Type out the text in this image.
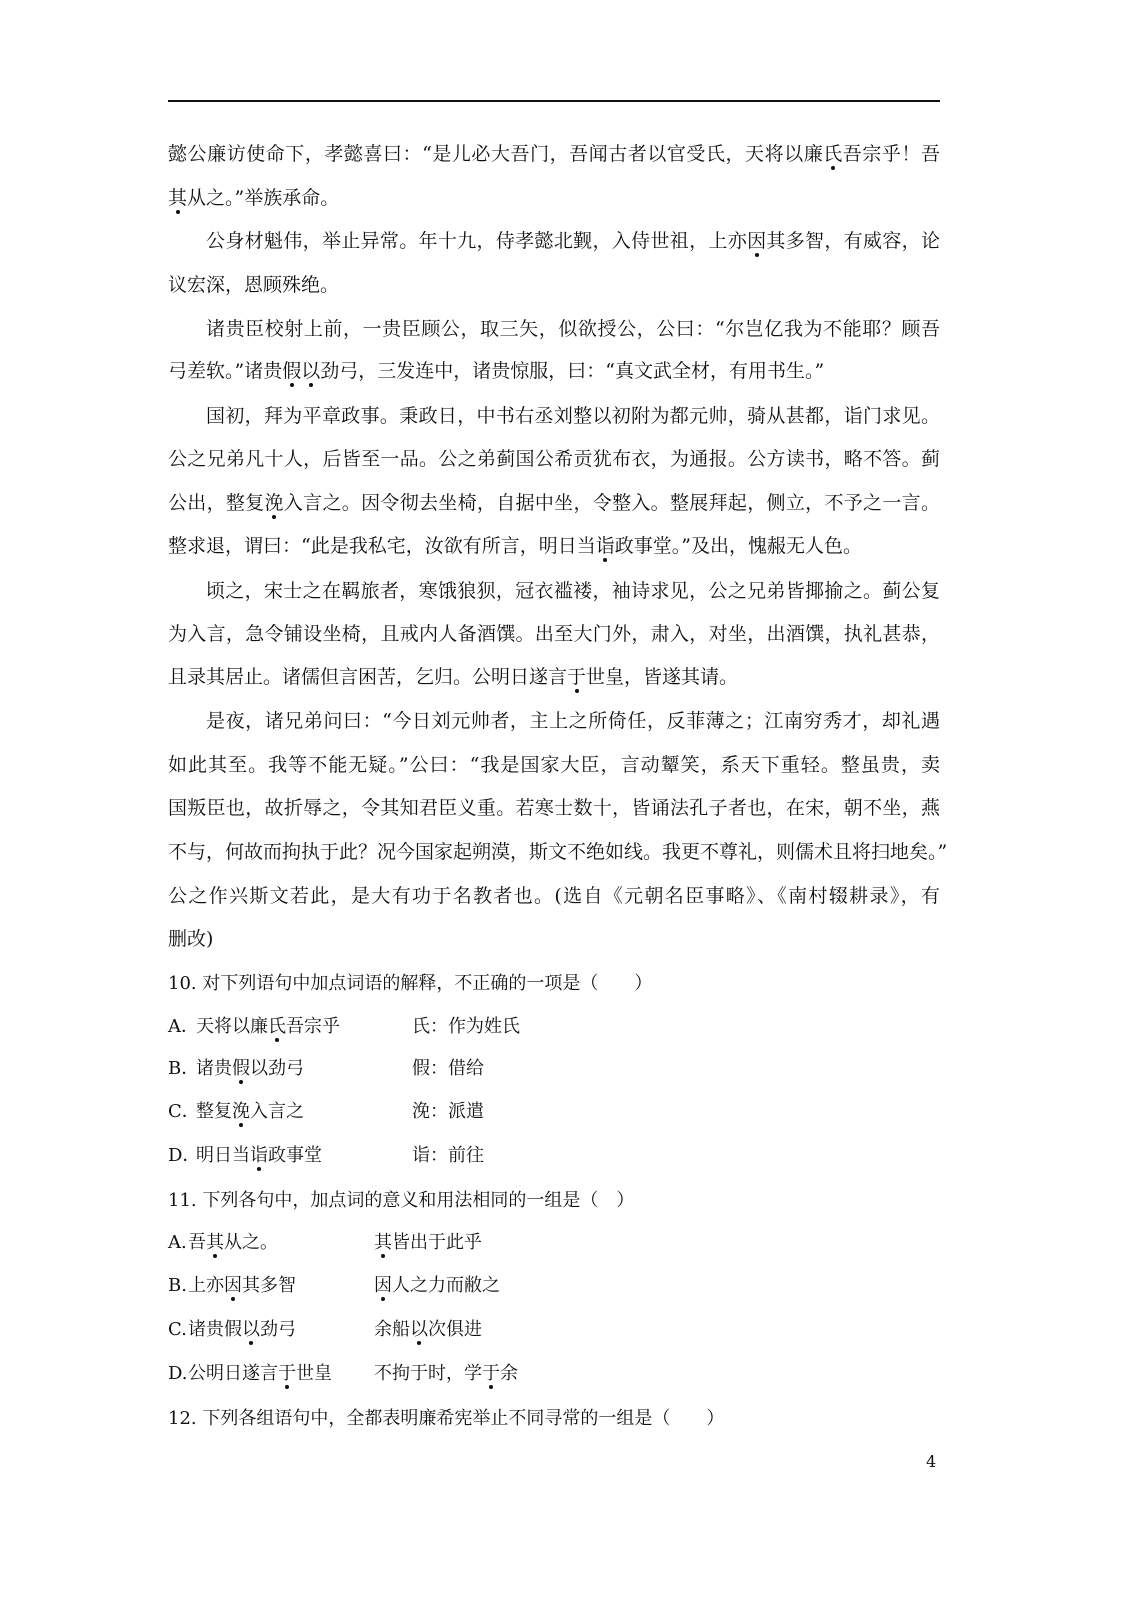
懿公廉访使命下，孝懿喜曰：“是儿必大吾门，吾闻古者以官受氏，天将以廉氏吾宗乎！吾
其从之。”举族承命。
公身材魁伟，举止异常。年十九，侍孝懿北觐，入侍世祖，上亦因其多智，有威容，论
议宏深，恩顾殊绝。
诸贵臣校射上前，一贵臣顾公，取三矢，似欲授公，公曰：“尔岂亿我为不能耶？顾吾
弓差软。”诸贵假以劲弓，三发连中，诸贵惊服，曰：“真文武全材，有用书生。”
国初，拜为平章政事。秉政日，中书右丞刘整以初附为都元帅，骑从甚都，诣门求见。
公之兄弟凡十人，后皆至一品。公之弟蓟国公希贡犹布衣，为通报。公方读书，略不答。蓟
公出，整复浼入言之。因令彻去坐椅，自据中坐，令整入。整展拜起，侧立，不予之一言。
整求退，谓曰：“此是我私宅，汝欲有所言，明日当诣政事堂。”及出，愧赧无人色。
顷之，宋士之在羁旅者，寒饿狼狈，冠衣褴褛，袖诗求见，公之兄弟皆揶揄之。蓟公复
为入言，急令铺设坐椅，且戒内人备酒馔。出至大门外，肃入，对坐，出酒馔，执礼甚恭，
且录其居止。诸儒但言困苦，乞归。公明日遂言于世皇，皆遂其请。
是夜，诸兄弟问曰：“今日刘元帅者，主上之所倚任，反菲薄之；江南穷秀才，却礼遇
如此其至。我等不能无疑。”公曰：“我是国家大臣，言动颦笑，系天下重轻。整虽贵，卖
国叛臣也，故折辱之，令其知君臣义重。若寒士数十，皆诵法孔子者也，在宋，朝不坐，燕
不与，何故而拘执于此？况今国家起朔漠，斯文不绝如线。我更不尊礼，则儒术且将扫地矣。”
公之作兴斯文若此，是大有功于名教者也。(选自《元朝名臣事略》、《南村辍耕录》，有
删改)
10. 对下列语句中加点词语的解释，不正确的一项是（　　）
A．
天将以廉氏吾宗乎	氏：作为姓氏
B．
诸贵假以劲弓	假：借给
C．
整复浼入言之	浼：派遣
D．
明日当诣政事堂	诣：前往
11. 下列各句中，加点词的意义和用法相同的一组是（　）
A. 吾其从之。	其皆出于此乎
B. 上亦因其多智	因人之力而敝之
C. 诸贵假以劲弓	余船以次俱进
D. 公明日遂言于世皇 不拘于时，学于余
12. 下列各组语句中，全都表明廉希宪举止不同寻常的一组是（　　）
4
